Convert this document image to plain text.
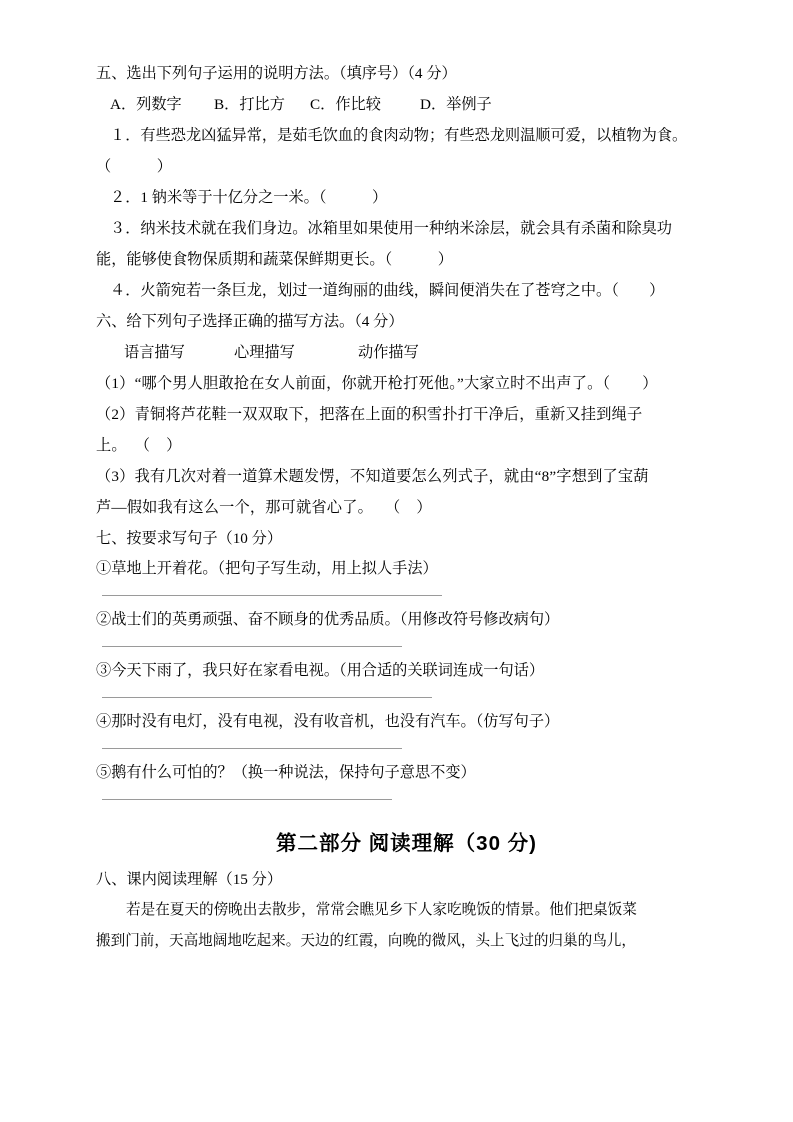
五、选出下列句子运用的说明方法。（填序号）（4 分）
A．列数字 B．打比方 C．作比较	D．举例子
１．有些恐龙凶猛异常，是茹毛饮血的食肉动物；有些恐龙则温顺可爱，以植物为食。
（            ）
２．1 钠米等于十亿分之一米。（            ）
３．纳米技术就在我们身边。冰箱里如果使用一种纳米涂层，就会具有杀菌和除臭功
能，能够使食物保质期和蔬菜保鲜期更长。（            ）
４．火箭宛若一条巨龙，划过一道绚丽的曲线，瞬间便消失在了苍穹之中。（        ）
六、给下列句子选择正确的描写方法。（4 分）
语言描写	心理描写	动作描写
（1）“哪个男人胆敢抢在女人前面，你就开枪打死他。”大家立时不出声了。（        ）
（2）青铜将芦花鞋一双双取下，把落在上面的积雪扑打干净后，重新又挂到绳子
上。  （    ）
（3）我有几次对着一道算术题发愣，不知道要怎么列式子，就由“8”字想到了宝葫
芦—假如我有这么一个，那可就省心了。   （    ）
七、按要求写句子（10 分）
①草地上开着花。（把句子写生动，用上拟人手法）
②战士们的英勇顽强、奋不顾身的优秀品质。（用修改符号修改病句）
③今天下雨了，我只好在家看电视。（用合适的关联词连成一句话）
④那时没有电灯，没有电视，没有收音机，也没有汽车。（仿写句子）
⑤鹅有什么可怕的？（换一种说法，保持句子意思不变）
第二部分 阅读理解（30 分)
八、课内阅读理解（15 分）
若是在夏天的傍晚出去散步，常常会瞧见乡下人家吃晚饭的情景。他们把桌饭菜
搬到门前，天高地阔地吃起来。天边的红霞，向晚的微风，头上飞过的归巢的鸟儿，
